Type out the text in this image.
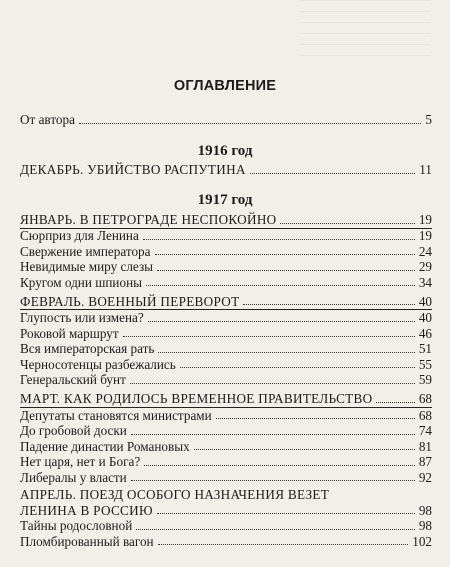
ОГЛАВЛЕНИЕ
От автора	5
1916 год
ДЕКАБРЬ. УБИЙСТВО РАСПУТИНА	11
1917 год
ЯНВАРЬ. В ПЕТРОГРАДЕ НЕСПОКОЙНО	19
Сюрприз для Ленина	19
Свержение императора	24
Невидимые миру слезы	29
Кругом одни шпионы	34
ФЕВРАЛЬ. ВОЕННЫЙ ПЕРЕВОРОТ	40
Глупость или измена?	40
Роковой маршрут	46
Вся императорская рать	51
Черносотенцы разбежались	55
Генеральский бунт	59
МАРТ. КАК РОДИЛОСЬ ВРЕМЕННОЕ ПРАВИТЕЛЬСТВО	68
Депутаты становятся министрами	68
До гробовой доски	74
Падение династии Романовых	81
Нет царя, нет и Бога?	87
Либералы у власти	92
АПРЕЛЬ. ПОЕЗД ОСОБОГО НАЗНАЧЕНИЯ ВЕЗЕТ
ЛЕНИНА В РОССИЮ	98
Тайны родословной	98
Пломбированный вагон	102
